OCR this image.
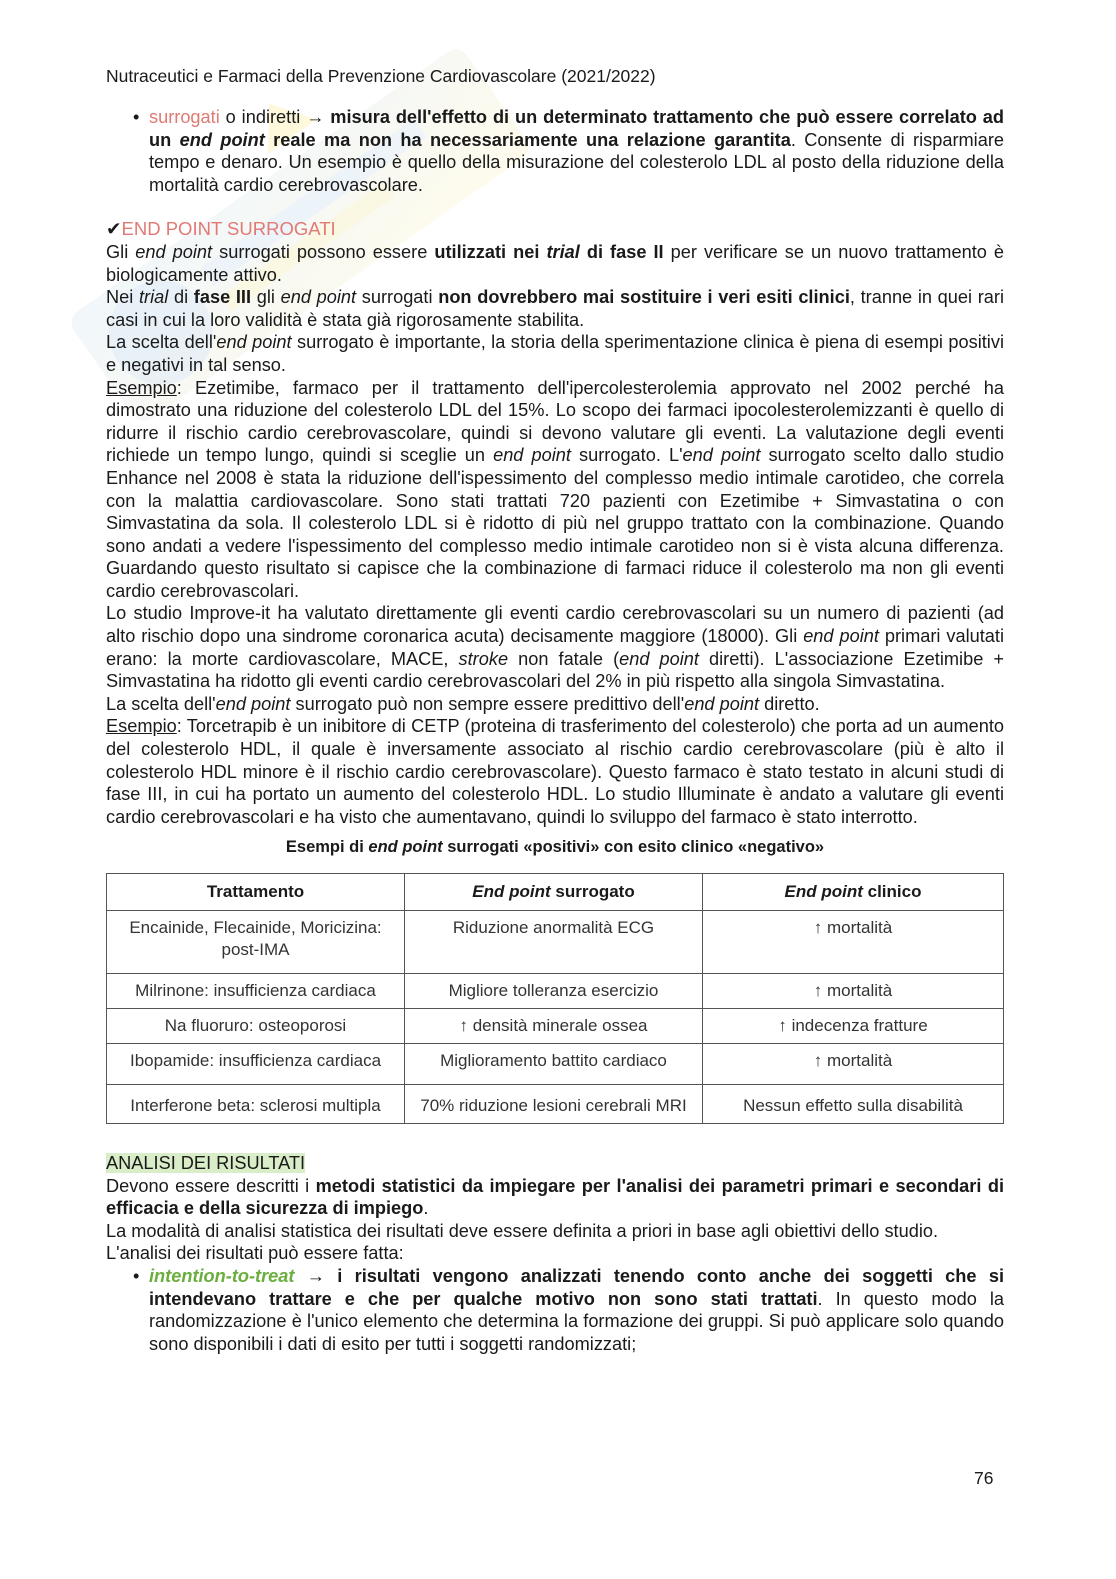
Nutraceutici e Farmaci della Prevenzione Cardiovascolare (2021/2022)
• surrogati o indiretti → misura dell'effetto di un determinato trattamento che può essere correlato ad un end point reale ma non ha necessariamente una relazione garantita. Consente di risparmiare tempo e denaro. Un esempio è quello della misurazione del colesterolo LDL al posto della riduzione della mortalità cardio cerebrovascolare.
✔END POINT SURROGATI

Gli end point surrogati possono essere utilizzati nei trial di fase II per verificare se un nuovo trattamento è biologicamente attivo.

Nei trial di fase III gli end point surrogati non dovrebbero mai sostituire i veri esiti clinici, tranne in quei rari casi in cui la loro validità è stata già rigorosamente stabilita.

La scelta dell'end point surrogato è importante, la storia della sperimentazione clinica è piena di esempi positivi e negativi in tal senso.

Esempio: Ezetimibe, farmaco per il trattamento dell'ipercolesterolemia approvato nel 2002 perché ha dimostrato una riduzione del colesterolo LDL del 15%. Lo scopo dei farmaci ipocolesterolemizzanti è quello di ridurre il rischio cardio cerebrovascolare, quindi si devono valutare gli eventi. La valutazione degli eventi richiede un tempo lungo, quindi si sceglie un end point surrogato. L'end point surrogato scelto dallo studio Enhance nel 2008 è stata la riduzione dell'ispessimento del complesso medio intimale carotideo, che correla con la malattia cardiovascolare. Sono stati trattati 720 pazienti con Ezetimibe + Simvastatina o con Simvastatina da sola. Il colesterolo LDL si è ridotto di più nel gruppo trattato con la combinazione. Quando sono andati a vedere l'ispessimento del complesso medio intimale carotideo non si è vista alcuna differenza. Guardando questo risultato si capisce che la combinazione di farmaci riduce il colesterolo ma non gli eventi cardio cerebrovascolari.

Lo studio Improve-it ha valutato direttamente gli eventi cardio cerebrovascolari su un numero di pazienti (ad alto rischio dopo una sindrome coronarica acuta) decisamente maggiore (18000). Gli end point primari valutati erano: la morte cardiovascolare, MACE, stroke non fatale (end point diretti). L'associazione Ezetimibe + Simvastatina ha ridotto gli eventi cardio cerebrovascolari del 2% in più rispetto alla singola Simvastatina.

La scelta dell'end point surrogato può non sempre essere predittivo dell'end point diretto.

Esempio: Torcetrapib è un inibitore di CETP (proteina di trasferimento del colesterolo) che porta ad un aumento del colesterolo HDL, il quale è inversamente associato al rischio cardio cerebrovascolare (più è alto il colesterolo HDL minore è il rischio cardio cerebrovascolare). Questo farmaco è stato testato in alcuni studi di fase III, in cui ha portato un aumento del colesterolo HDL. Lo studio Illuminate è andato a valutare gli eventi cardio cerebrovascolari e ha visto che aumentavano, quindi lo sviluppo del farmaco è stato interrotto.

Esempi di end point surrogati «positivi» con esito clinico «negativo»
Trattamento	End point surrogato	End point clinico
Encainide, Flecainide, Moricizina: post-IMA	Riduzione anormalità ECG	↑ mortalità
Milrinone: insufficienza cardiaca	Migliore tolleranza esercizio	↑ mortalità
Na fluoruro: osteoporosi	↑ densità minerale ossea	↑ indecenza fratture
Ibopamide: insufficienza cardiaca	Miglioramento battito cardiaco	↑ mortalità
Interferone beta: sclerosi multipla	70% riduzione lesioni cerebrali MRI	Nessun effetto sulla disabilità
ANALISI DEI RISULTATI

Devono essere descritti i metodi statistici da impiegare per l'analisi dei parametri primari e secondari di efficacia e della sicurezza di impiego.

La modalità di analisi statistica dei risultati deve essere definita a priori in base agli obiettivi dello studio.

L'analisi dei risultati può essere fatta:

• intention-to-treat → i risultati vengono analizzati tenendo conto anche dei soggetti che si intendevano trattare e che per qualche motivo non sono stati trattati. In questo modo la randomizzazione è l'unico elemento che determina la formazione dei gruppi. Si può applicare solo quando sono disponibili i dati di esito per tutti i soggetti randomizzati;
76
